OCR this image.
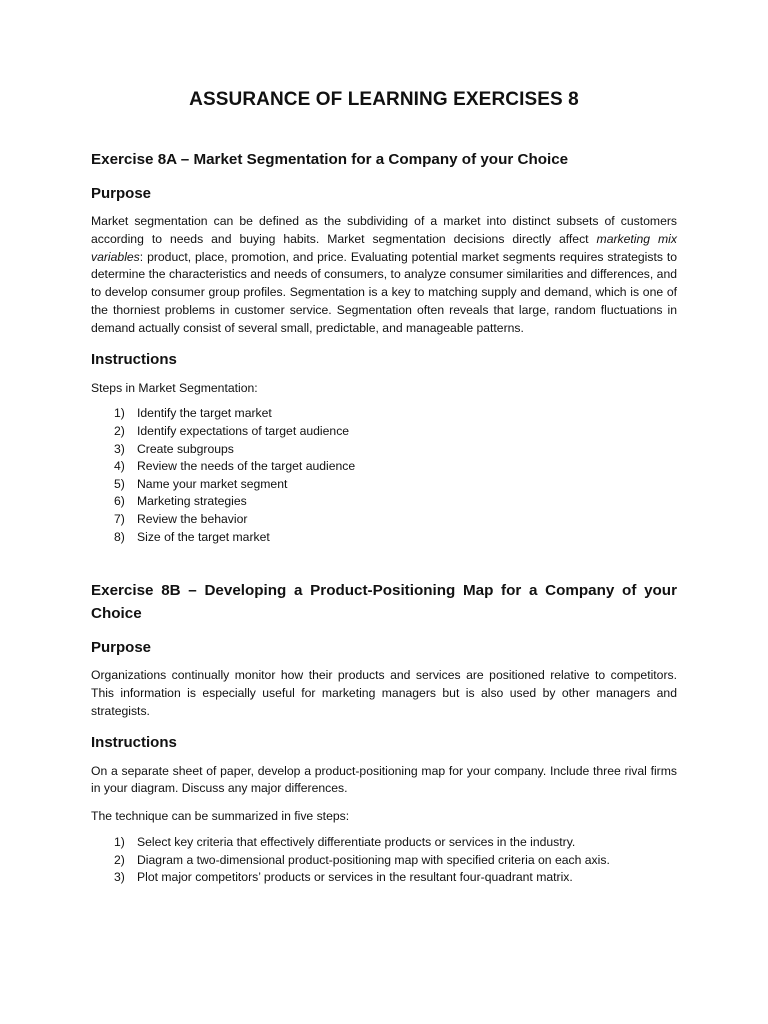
ASSURANCE OF LEARNING EXERCISES 8
Exercise 8A – Market Segmentation for a Company of your Choice
Purpose

Market segmentation can be defined as the subdividing of a market into distinct subsets of customers according to needs and buying habits. Market segmentation decisions directly affect marketing mix variables: product, place, promotion, and price. Evaluating potential market segments requires strategists to determine the characteristics and needs of consumers, to analyze consumer similarities and differences, and to develop consumer group profiles. Segmentation is a key to matching supply and demand, which is one of the thorniest problems in customer service. Segmentation often reveals that large, random fluctuations in demand actually consist of several small, predictable, and manageable patterns.

Instructions

Steps in Market Segmentation:

1) Identify the target market
2) Identify expectations of target audience
3) Create subgroups
4) Review the needs of the target audience
5) Name your market segment
6) Marketing strategies
7) Review the behavior
8) Size of the target market
Exercise 8B – Developing a Product-Positioning Map for a Company of your Choice
Purpose

Organizations continually monitor how their products and services are positioned relative to competitors. This information is especially useful for marketing managers but is also used by other managers and strategists.

Instructions

On a separate sheet of paper, develop a product-positioning map for your company. Include three rival firms in your diagram. Discuss any major differences.

The technique can be summarized in five steps:

1) Select key criteria that effectively differentiate products or services in the industry.
2) Diagram a two-dimensional product-positioning map with specified criteria on each axis.
3) Plot major competitors’ products or services in the resultant four-quadrant matrix.
